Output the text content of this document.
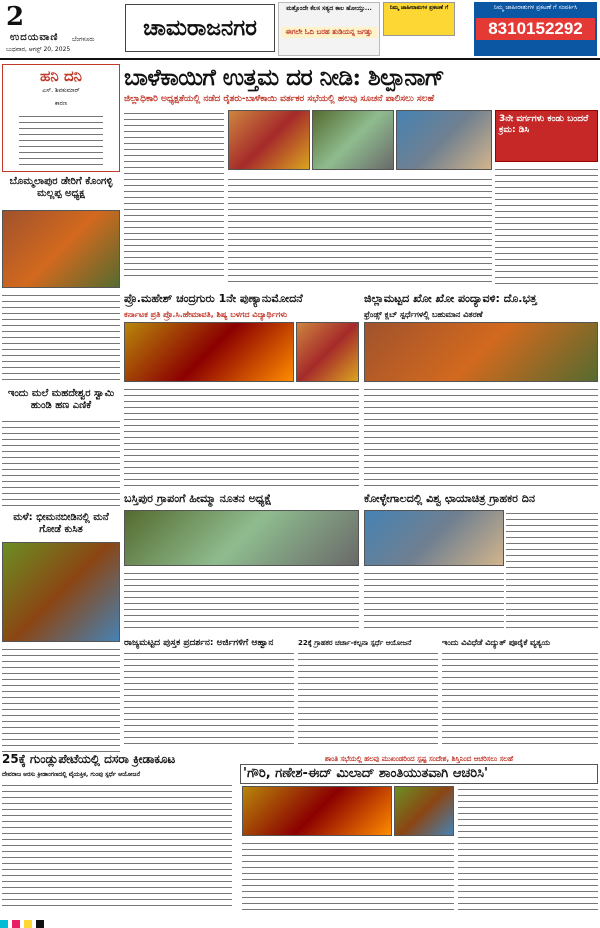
2
ಉದಯವಾಣಿ ಬೆಂಗಳೂರು
ಬುಧವಾರ, ಆಗಸ್ಟ್ 20, 2025
ಚಾಮರಾಜನಗರ
ಮತ್ತೊಂದೇ ಕೆಲಸ ಸತ್ಯದ ಕಾಲ ಹೋಯ್ತು...
ಈಗಲೇ ಓದಿ ಬರಹ ತುಡಿಯನ್ನ ಜಗತ್ತು
ನಿಮ್ಮ ಜಾಹೀರಾತುಗಳ ಪ್ರಕಟಣೆ ಗೆ	ನಿಮ್ಮ ಜಾಹೀರಾತುಗಳ ಪ್ರಕಟಣೆ ಗೆ ಸಂಪರ್ಕಿಸಿ
8310152292
ಹನಿ ದನಿ
ಎಸ್. ಶಿವಕುಮಾರ್
ಕಾರಣ
ಬೊಮ್ಮಲಾಪುರ ಡೇರಿಗೆ ಕೊಂಗಳ್ಳಿ ಮಲ್ಲಪ್ಪ ಅಧ್ಯಕ್ಷ
ಇಂದು ಮಲೆ ಮಹದೇಶ್ವರ ಸ್ವಾಮಿ ಹುಂಡಿ ಹಣ ಎಣಿಕೆ
ಮಳೆ: ಭೀಮನಬೀಡಿನಲ್ಲಿ ಮನೆ ಗೋಡೆ ಕುಸಿತ
ಬಾಳೆಕಾಯಿಗೆ ಉತ್ತಮ ದರ ನೀಡಿ: ಶಿಲ್ಪಾನಾಗ್
ಜಿಲ್ಲಾಧಿಕಾರಿ ಅಧ್ಯಕ್ಷತೆಯಲ್ಲಿ ನಡೆದ ರೈತರು-ಬಾಳೆಕಾಯಿ ವರ್ತಕರ ಸಭೆಯಲ್ಲಿ ಹಲವು ಸೂಚನೆ ಪಾಲಿಸಲು ಸಲಹೆ
3ನೇ ವರ್ಗಗಳು ಕಂಡು ಬಂದರೆ ಕ್ರಮ: ಡಿಸಿ
ಪ್ರೊ.ಮಹೇಶ್ ಚಂದ್ರಗುರು 1ನೇ ಪುಣ್ಯಾನುಮೋದನೆ
ಕರ್ನಾಟಕ ಪ್ರತಿ ಪ್ರೊ.ಸಿ.ಹೇಮಾವತಿ, ಶಿಷ್ಯ ಬಳಗದ ವಿದ್ಯಾರ್ಥಿಗಳು
ಜಿಲ್ಲಾಮಟ್ಟದ ಖೋ ಖೋ ಪಂದ್ಯಾವಳಿ: ದೊ.ಭತ್ತ
ಫ್ರೆಂಡ್ಸ್ ಕ್ಲಬ್ ಸ್ಪರ್ಧೆಗಳಲ್ಲಿ ಬಹುಮಾನ ವಿತರಣೆ
ಬಸ್ತಿಪುರ ಗ್ರಾಪಂಗೆ ಹೀಮ್ಮಾ ನೂತನ ಅಧ್ಯಕ್ಷೆ	ಕೋಳ್ಳೇಗಾಲದಲ್ಲಿ ವಿಶ್ವ ಛಾಯಾಚಿತ್ರ ಗ್ರಾಹಕರ ದಿನ
ರಾಜ್ಯಮಟ್ಟದ ಪುಸ್ತಕ ಪ್ರದರ್ಶನ: ಅರ್ಜಿಗಳಿಗೆ ಆಹ್ವಾನ	22ಕ್ಕೆ ಗ್ರಾಹಕರ ಚರ್ಚಾ-ಕಲ್ಪನಾ ಸ್ಪರ್ಧೆ ಆಯೋಜನೆ	ಇಂದು ವಿವಿಧೆಡೆ ವಿದ್ಯುತ್ ಪೂರೈಕೆ ವ್ಯತ್ಯಯ
25ಕ್ಕೆ ಗುಂಡ್ಲುಪೇಟೆಯಲ್ಲಿ ದಸರಾ ಕ್ರೀಡಾಕೂಟ
ದೇವರಾಜ ಅರಸು ಕ್ರೀಡಾಂಗಣದಲ್ಲಿ ವೈಯಕ್ತಿಕ, ಗುಂಪು ಸ್ಪರ್ಧೆ ಆಯೋಜನೆ
ಶಾಂತಿ ಸಭೆಯಲ್ಲಿ ಹಲವು ಮುಖಂಡರಿಂದ ಸ್ಪಷ್ಟ ಸಂದೇಶ, ಶಿಸ್ತಿನಿಂದ ಆಚರಿಸಲು ಸಲಹೆ
'ಗೌರಿ, ಗಣೇಶ-ಈದ್ ಮಿಲಾದ್ ಶಾಂತಿಯುತವಾಗಿ ಆಚರಿಸಿ'
